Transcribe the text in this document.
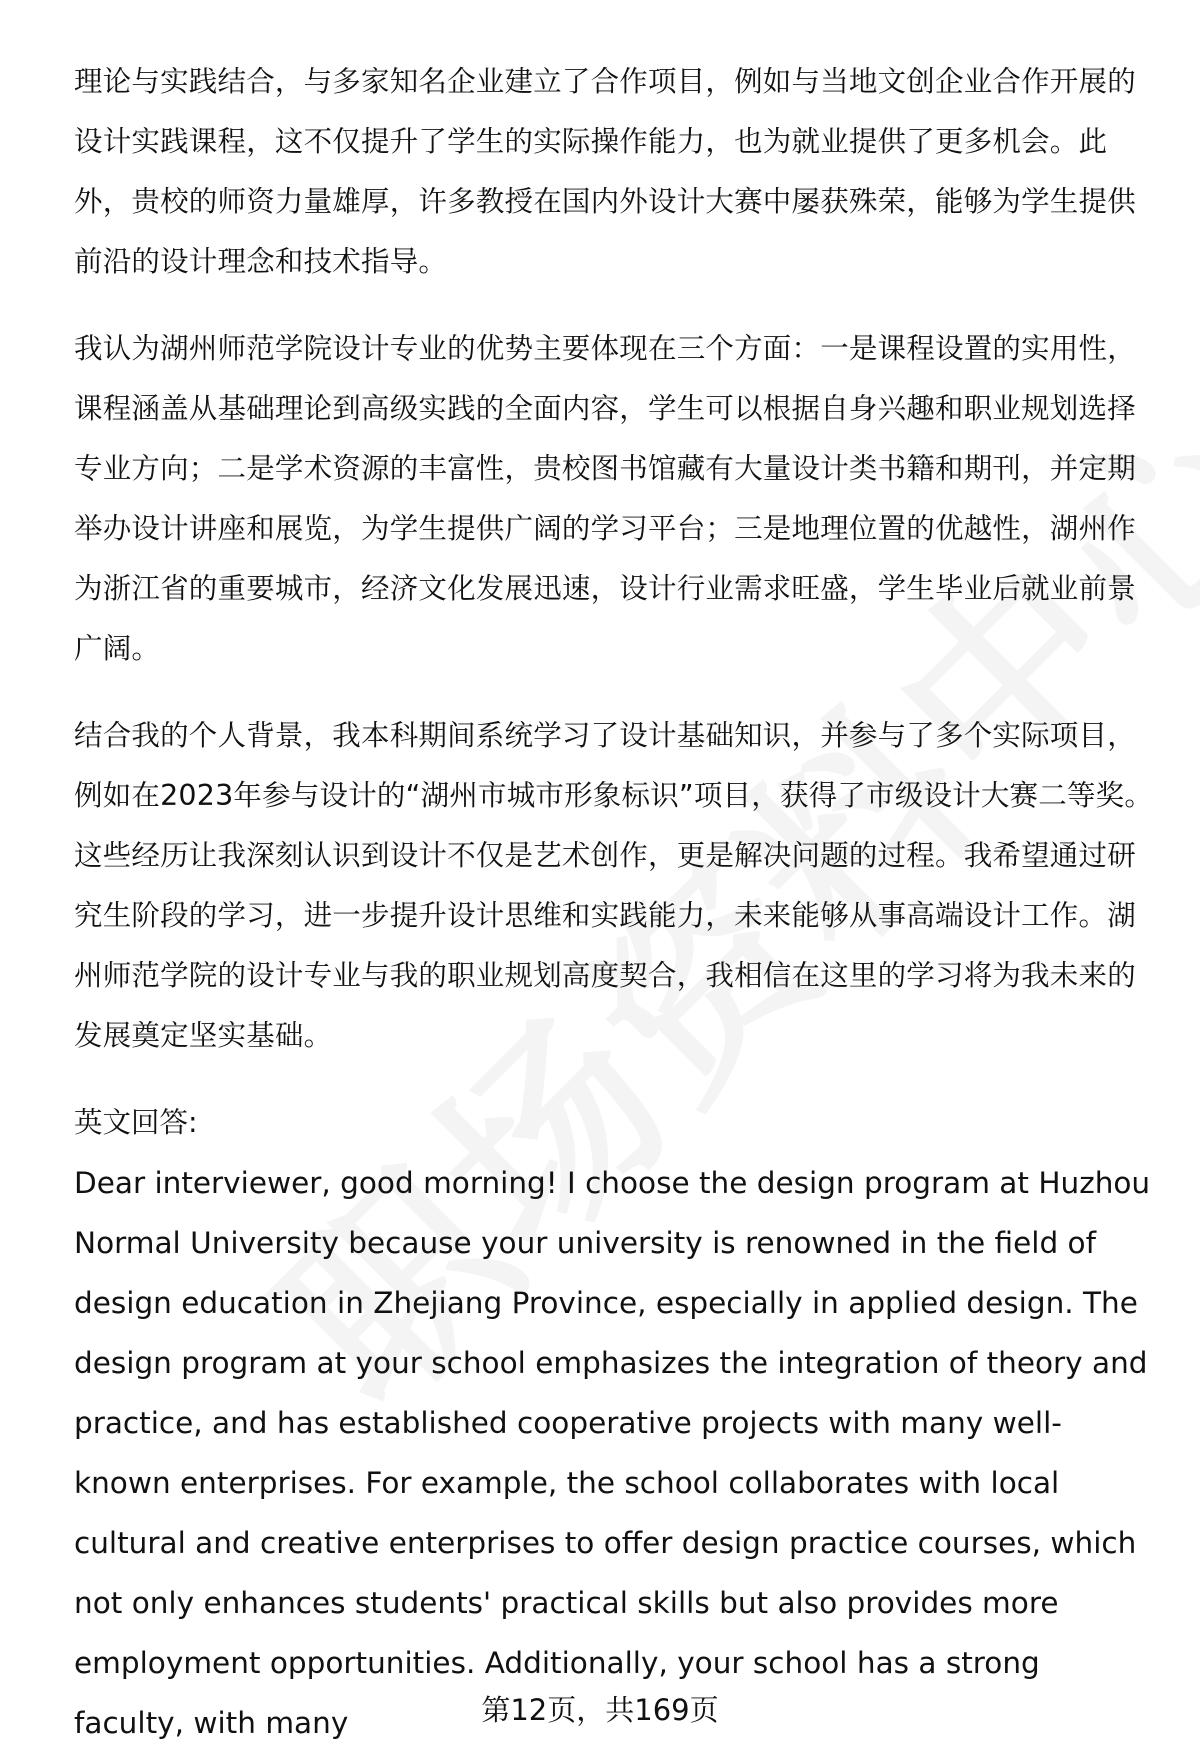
理论与实践结合，与多家知名企业建立了合作项目，例如与当地文创企业合作开展的设计实践课程，这不仅提升了学生的实际操作能力，也为就业提供了更多机会。此外，贵校的师资力量雄厚，许多教授在国内外设计大赛中屡获殊荣，能够为学生提供前沿的设计理念和技术指导。

我认为湖州师范学院设计专业的优势主要体现在三个方面：一是课程设置的实用性，课程涵盖从基础理论到高级实践的全面内容，学生可以根据自身兴趣和职业规划选择专业方向；二是学术资源的丰富性，贵校图书馆藏有大量设计类书籍和期刊，并定期举办设计讲座和展览，为学生提供广阔的学习平台；三是地理位置的优越性，湖州作为浙江省的重要城市，经济文化发展迅速，设计行业需求旺盛，学生毕业后就业前景广阔。

结合我的个人背景，我本科期间系统学习了设计基础知识，并参与了多个实际项目，例如在2023年参与设计的“湖州市城市形象标识”项目，获得了市级设计大赛二等奖。这些经历让我深刻认识到设计不仅是艺术创作，更是解决问题的过程。我希望通过研究生阶段的学习，进一步提升设计思维和实践能力，未来能够从事高端设计工作。湖州师范学院的设计专业与我的职业规划高度契合，我相信在这里的学习将为我未来的发展奠定坚实基础。

英文回答:

Dear interviewer, good morning! I choose the design program at Huzhou Normal University because your university is renowned in the field of design education in Zhejiang Province, especially in applied design. The design program at your school emphasizes the integration of theory and practice, and has established cooperative projects with many well-known enterprises. For example, the school collaborates with local cultural and creative enterprises to offer design practice courses, which not only enhances students' practical skills but also provides more employment opportunities. Additionally, your school has a strong faculty, with many	第12页，共169页
